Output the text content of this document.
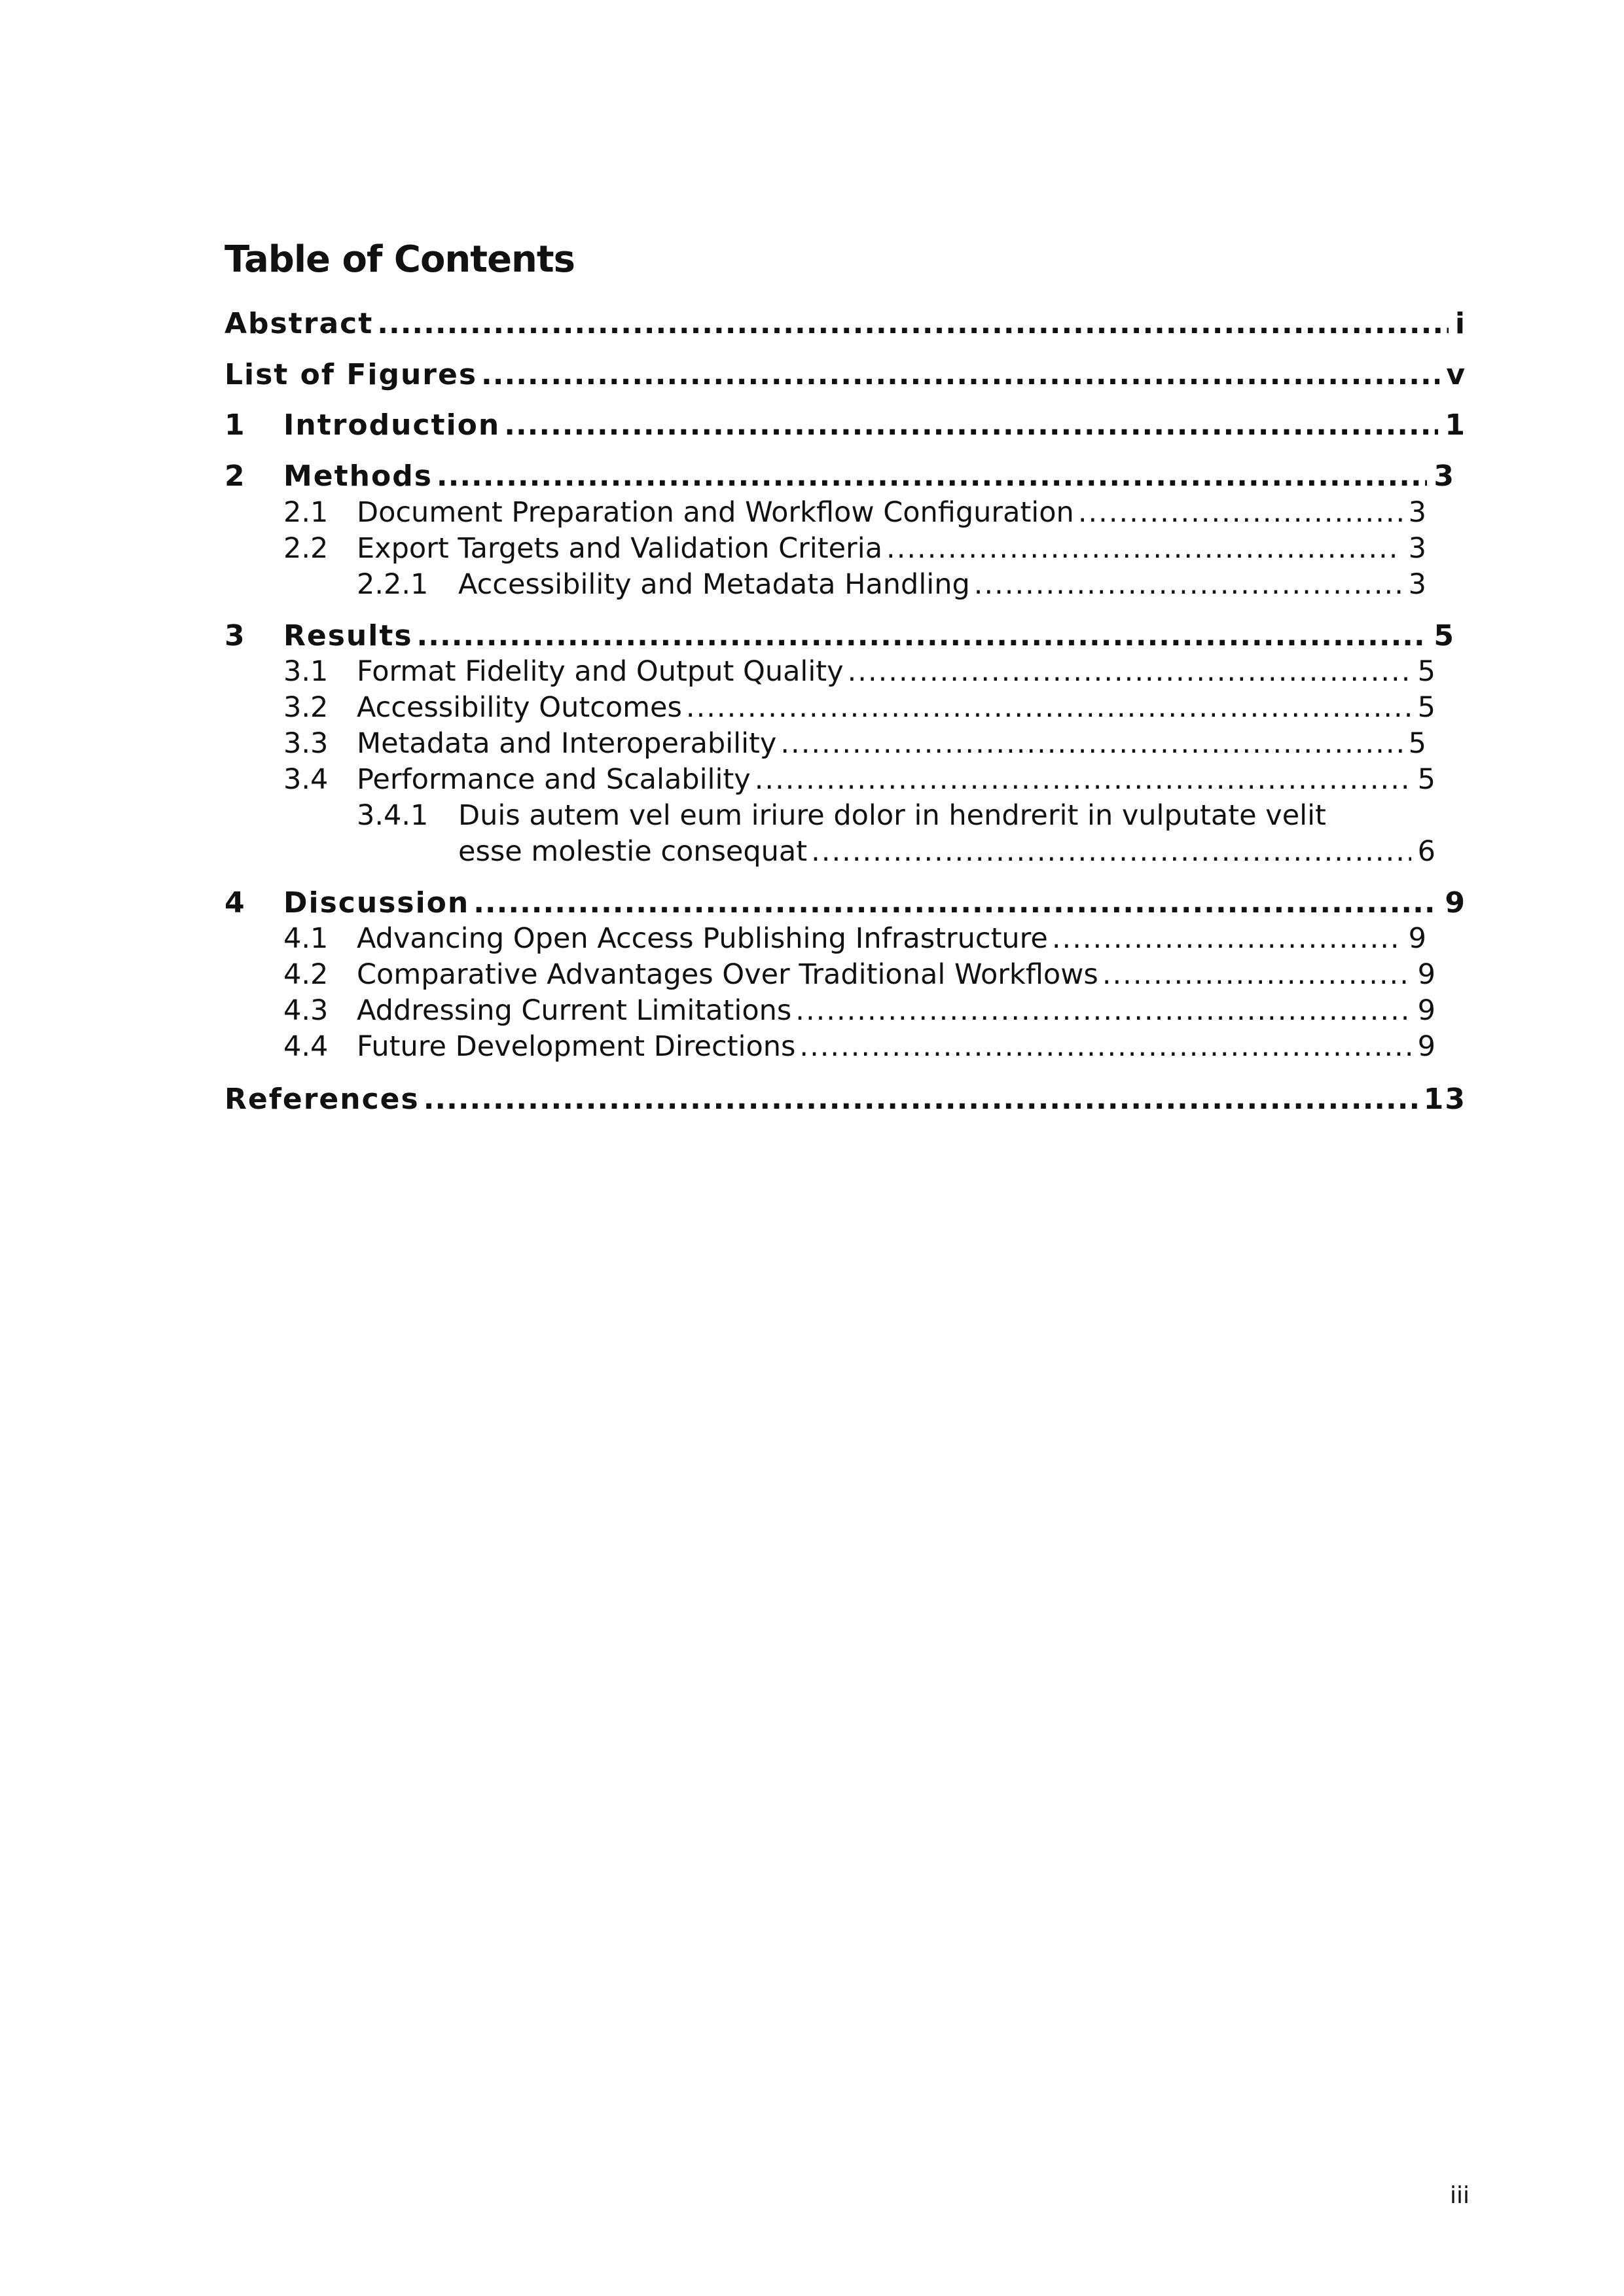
Table of Contents
Abstract .....	i
List of Figures .....	v
1	Introduction .....	1
2	Methods .....	3
2.1	Document Preparation and Workflow Configuration .....	3
2.2	Export Targets and Validation Criteria .....	3
2.2.1	Accessibility and Metadata Handling .....	3
3	Results .....	5
3.1	Format Fidelity and Output Quality .....	5
3.2	Accessibility Outcomes .....	5
3.3	Metadata and Interoperability .....	5
3.4	Performance and Scalability .....	5
3.4.1	Duis autem vel eum iriure dolor in hendrerit in vulputate velit
esse molestie consequat .....	6
4	Discussion .....	9
4.1	Advancing Open Access Publishing Infrastructure .....	9
4.2	Comparative Advantages Over Traditional Workflows .....	9
4.3	Addressing Current Limitations .....	9
4.4	Future Development Directions .....	9
References .....	13
iii
